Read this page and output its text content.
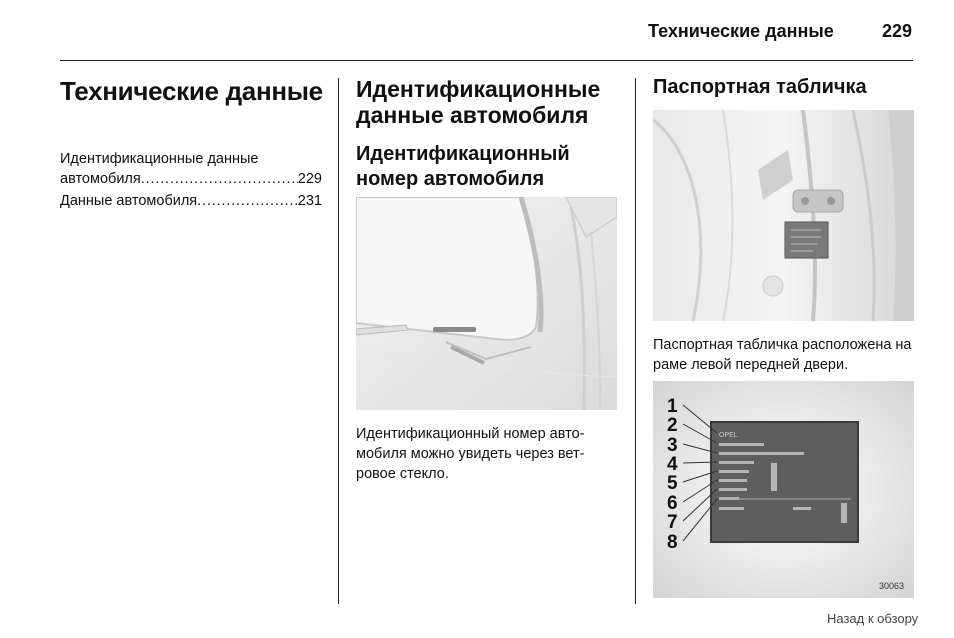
Технические данные	229
Технические данные
Идентификационные данные
автомобиля . . .	229
Данные автомобиля . . .	231
Идентификационные данные автомобиля
Идентификационный номер автомобиля
Идентификационный номер авто- мобиля можно увидеть через вет- ровое стекло.
Паспортная табличка
Паспортная табличка расположена на раме левой передней двери.
OPEL
1
2
3
4
5
6
7
8
30063
Назад к обзору
